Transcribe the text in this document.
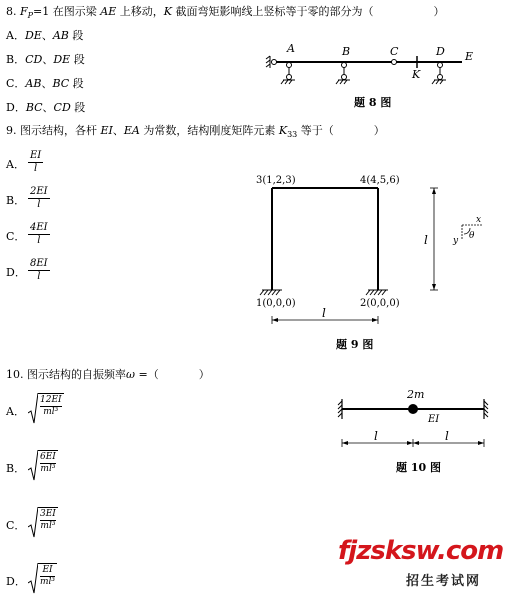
8. $F_P=1$ 在图示梁 AE 上移动，K 截面弯矩影响线上竖标等于零的部分为（	）
A．DE、AB 段
B．CD、DE 段
C．AB、BC 段
D．BC、CD 段
A	B	C	D
K
E
题 8 图
9. 图示结构，各杆 EI、EA 为常数，结构刚度矩阵元素 $K_{33}$ 等于（	）
A． $\frac{EI}{l}$
B． $\frac{2EI}{l}$
C． $\frac{4EI}{l}$
D． $\frac{8EI}{l}$
3(1,2,3)	4(4,5,6)
1(0,0,0)	2(0,0,0)
l
l
x
y θ
题 9 图
10. 图示结构的自振频率ω =（	）
A． $\frac{12EI}{\text{ml³}}$
B． $\frac{6EI}{\text{ml³}}$
C． $\frac{3EI}{\text{ml³}}$
D． $\frac{EI}{\text{ml³}}$
2m
EI
l	l
题 10 图
fjzsksw.com
招生考试网
